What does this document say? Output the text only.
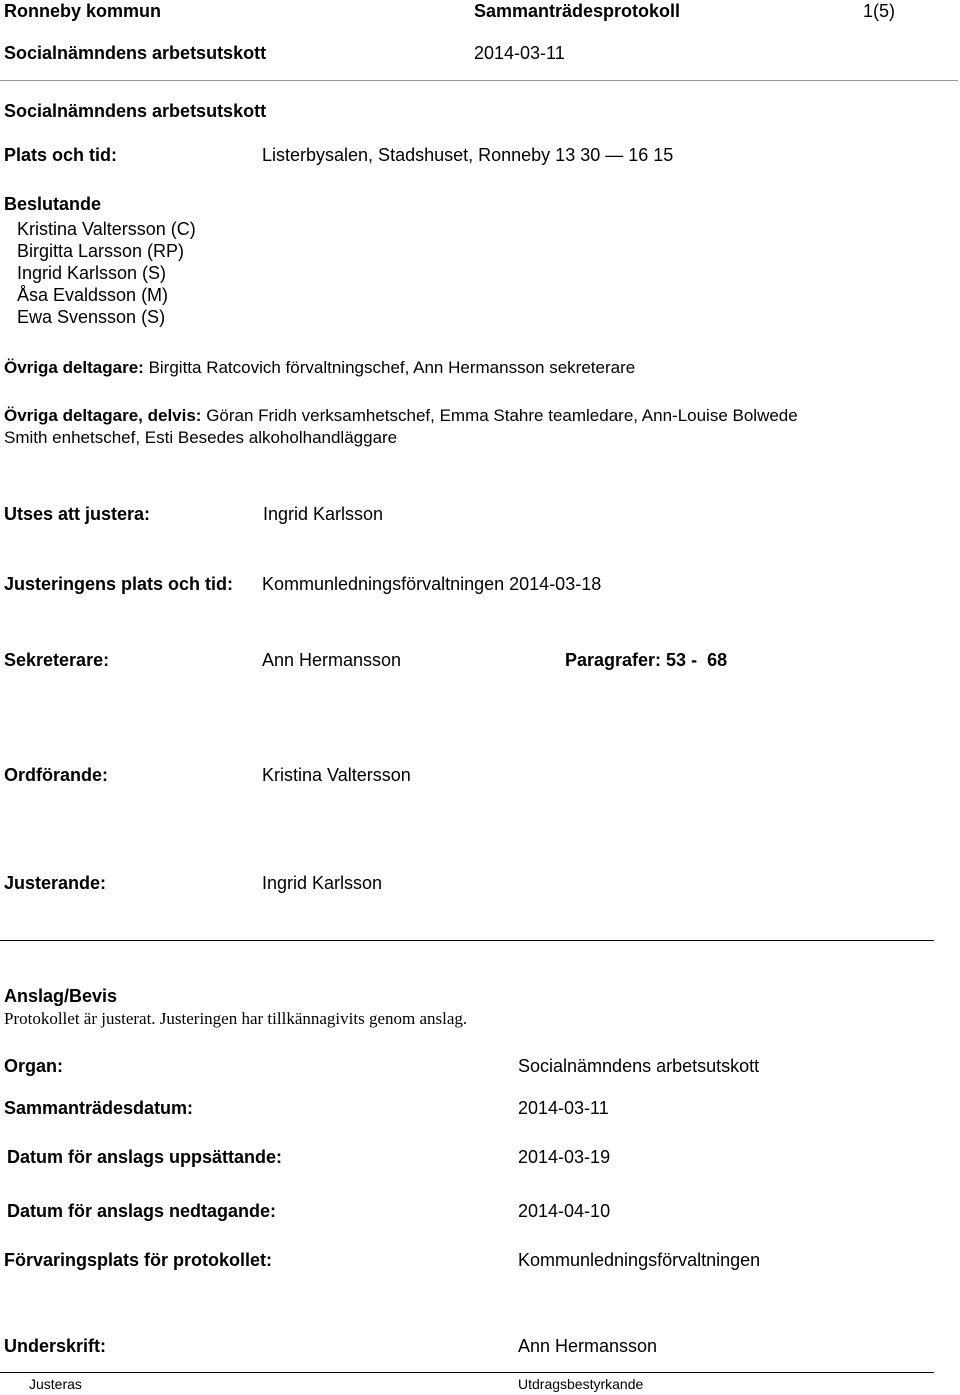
Ronneby kommun	Sammanträdesprotokoll	1(5)
Socialnämndens arbetsutskott	2014-03-11
Socialnämndens arbetsutskott
Plats och tid:	Listerbysalen, Stadshuset, Ronneby 13 30 — 16 15
Beslutande
Kristina Valtersson (C)
Birgitta Larsson (RP)
Ingrid Karlsson (S)
Åsa Evaldsson (M)
Ewa Svensson (S)
Övriga deltagare: Birgitta Ratcovich förvaltningschef, Ann Hermansson sekreterare
Övriga deltagare, delvis: Göran Fridh verksamhetschef, Emma Stahre teamledare, Ann-Louise Bolwede
Smith enhetschef, Esti Besedes alkoholhandläggare
Utses att justera:	Ingrid Karlsson
Justeringens plats och tid: Kommunledningsförvaltningen 2014-03-18
Sekreterare:	Ann Hermansson	Paragrafer: 53 -  68
Ordförande:	Kristina Valtersson
Justerande:	Ingrid Karlsson
Anslag/Bevis
Protokollet är justerat. Justeringen har tillkännagivits genom anslag.
Organ:	Socialnämndens arbetsutskott
Sammanträdesdatum:	2014-03-11
Datum för anslags uppsättande:	2014-03-19
Datum för anslags nedtagande:	2014-04-10
Förvaringsplats för protokollet:	Kommunledningsförvaltningen
Underskrift:	Ann Hermansson
Justeras	Utdragsbestyrkande
